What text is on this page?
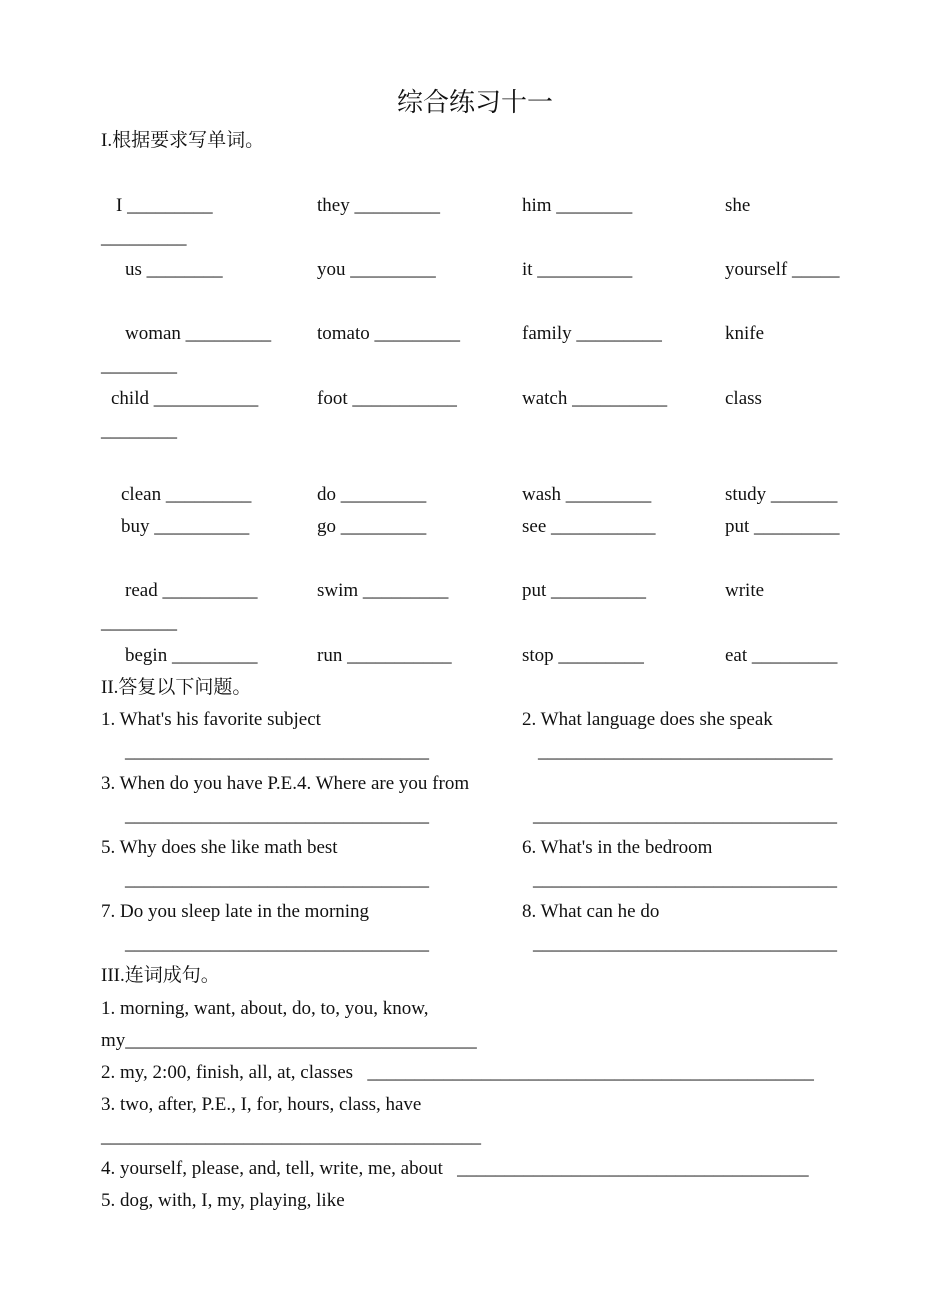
综合练习十一
I.根据要求写单词。
I _________	they _________	him ________	she
_________
us ________	you _________	it __________	yourself _____
woman _________ tomato _________	family _________	knife
________
child ___________	foot ___________	watch __________	class
________
clean _________	do _________	wash _________	study _______
buy __________	go _________	see ___________	put _________
read __________	swim _________	put __________	write
________
begin _________	run ___________	stop _________	eat _________
II.答复以下问题。
1. What's his favorite subject	2. What language does she speak
________________________________	_______________________________
3. When do you have P.E.4. Where are you from
________________________________	________________________________
5. Why does she like math best	6. What's in the bedroom
________________________________	________________________________
7. Do you sleep late in the morning	8. What can he do
________________________________	________________________________
III.连词成句。
1. morning, want, about, do, to, you, know,
my_____________________________________
2. my, 2:00, finish, all, at, classes   _______________________________________________
3. two, after, P.E., I, for, hours, class, have
________________________________________
4. yourself, please, and, tell, write, me, about   _____________________________________
5. dog, with, I, my, playing, like
